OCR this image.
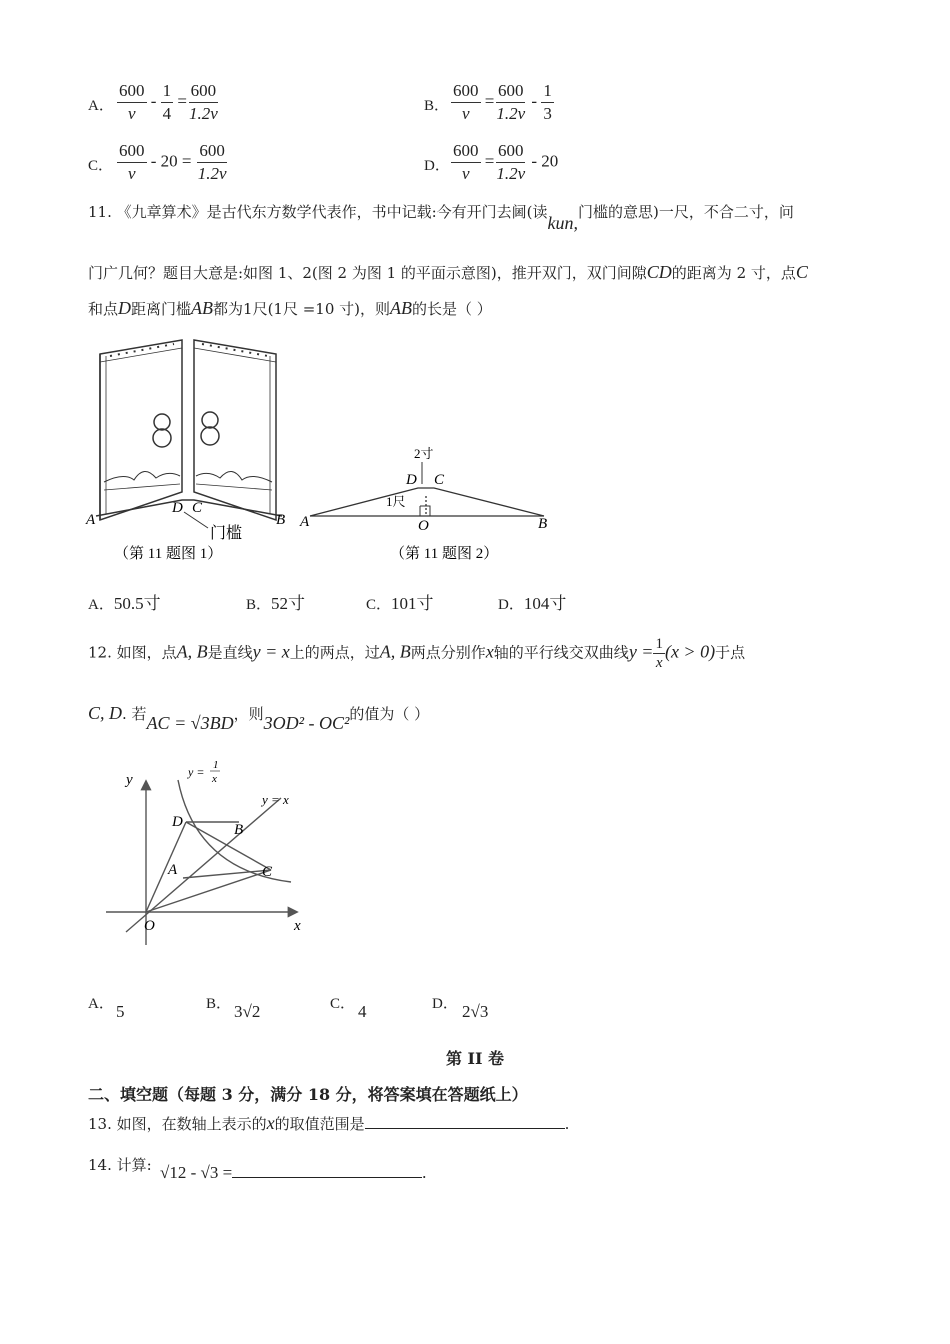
A． $\frac{600}{v} - \frac{1}{4} = \frac{600}{1.2v}$	B． $\frac{600}{v} = \frac{600}{1.2v} - \frac{1}{3}$
C． $\frac{600}{v} - 20 = \frac{600}{1.2v}$	D． $\frac{600}{v} = \frac{600}{1.2v} - 20$
11. 《九章算术》是古代东方数学代表作，书中记载:今有开门去阃(读kun,门槛的意思)一尺，不合二寸，问
门广几何？题目大意是:如图 1、2(图 2 为图 1 的平面示意图)，推开双门，双门间隙CD的距离为 2 寸，点C
和点D距离门槛AB都为1尺(1尺 =10 寸)，则AB的长是（ ）
A	B
D C
门槛
（第 11 题图 1）
2寸
D C
1尺
A	O	B
（第 11 题图 2）
A．50.5寸	B．52寸	C．101寸	D．104寸
12. 如图，点A, B是直线y = x上的两点，过A, B两点分别作x轴的平行线交双曲线$y = \frac{1}{x} (x > 0)$于点
C, D. 若AC = √3BD，则3OD² - OC²的值为（ ）
y
x
O
A
B
C
D
y = 1
x
y = x
A． 5	B． 3√2	C． 4	D． 2√3
第 II 卷
二、填空题（每题 3 分，满分 18 分，将答案填在答题纸上）
13. 如图，在数轴上表示的x的取值范围是	.
14. 计算: √12 - √3 =	.
